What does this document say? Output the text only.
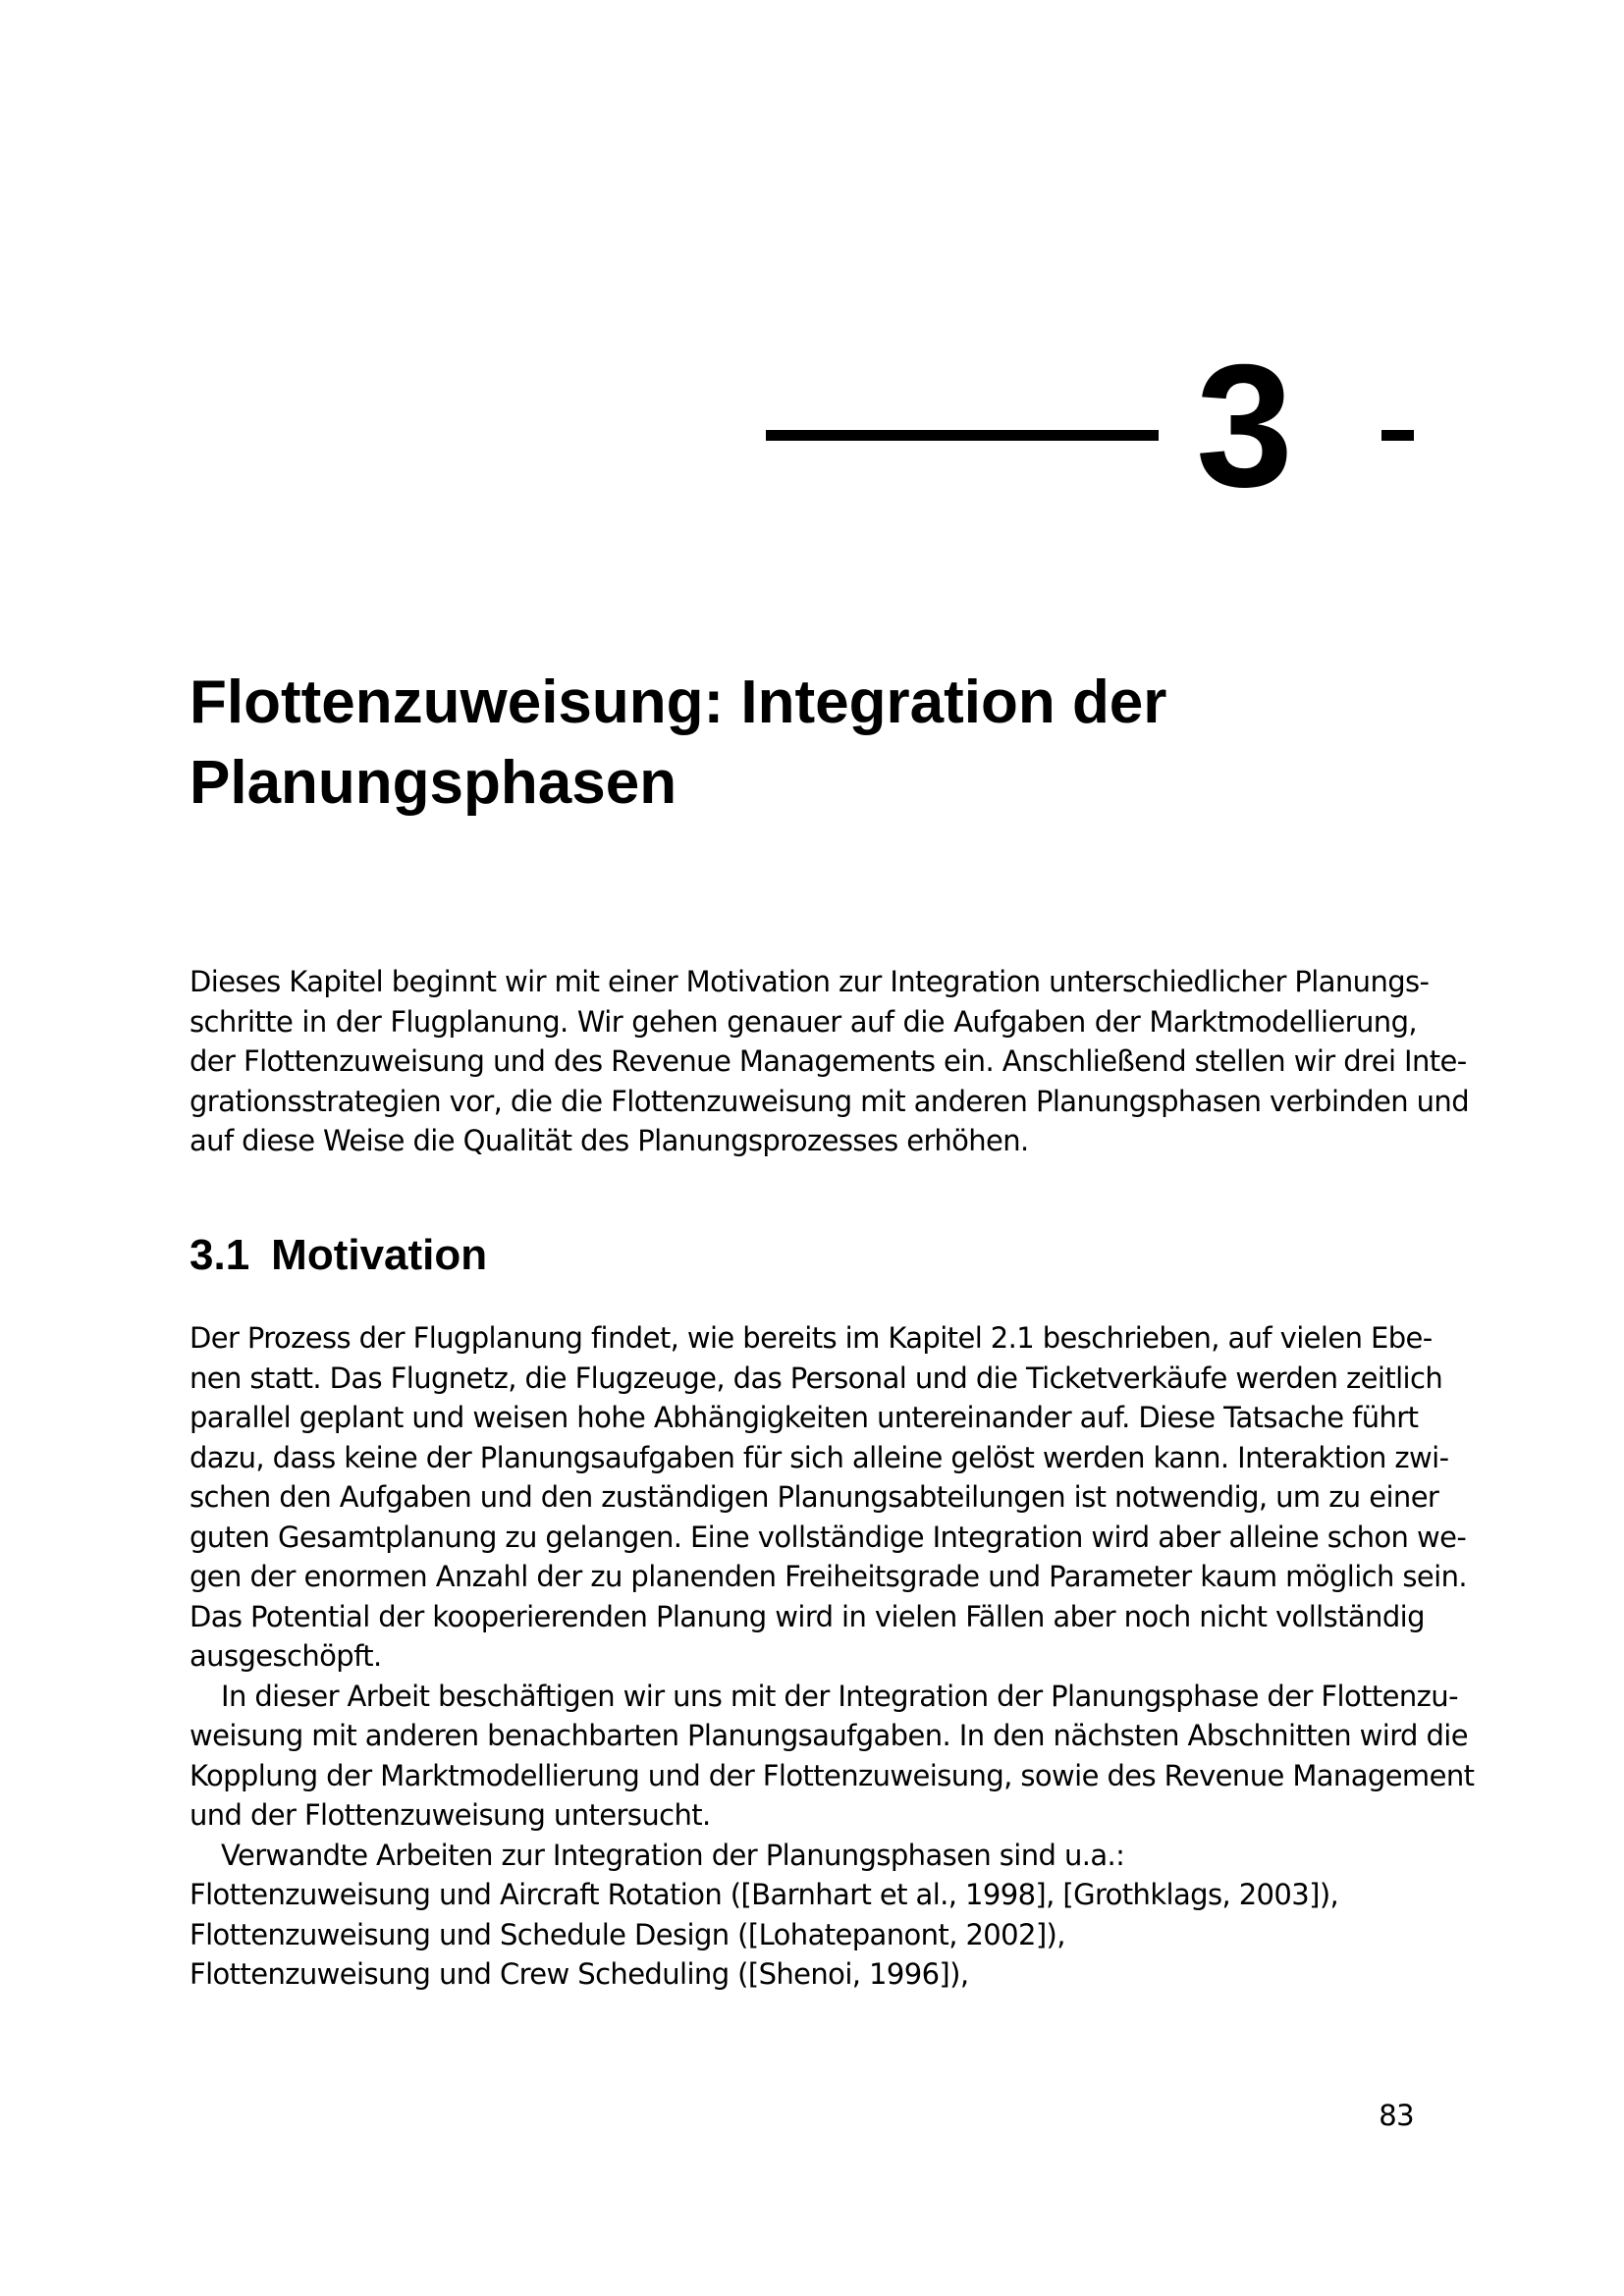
3
Flottenzuweisung: Integration der
Planungsphasen

Dieses Kapitel beginnt wir mit einer Motivation zur Integration unterschiedlicher Planungs-
schritte in der Flugplanung. Wir gehen genauer auf die Aufgaben der Marktmodellierung,
der Flottenzuweisung und des Revenue Managements ein. Anschließend stellen wir drei Inte-
grationsstrategien vor, die die Flottenzuweisung mit anderen Planungsphasen verbinden und
auf diese Weise die Qualität des Planungsprozesses erhöhen.

3.1 Motivation

Der Prozess der Flugplanung findet, wie bereits im Kapitel 2.1 beschrieben, auf vielen Ebe-
nen statt. Das Flugnetz, die Flugzeuge, das Personal und die Ticketverkäufe werden zeitlich
parallel geplant und weisen hohe Abhängigkeiten untereinander auf. Diese Tatsache führt
dazu, dass keine der Planungsaufgaben für sich alleine gelöst werden kann. Interaktion zwi-
schen den Aufgaben und den zuständigen Planungsabteilungen ist notwendig, um zu einer
guten Gesamtplanung zu gelangen. Eine vollständige Integration wird aber alleine schon we-
gen der enormen Anzahl der zu planenden Freiheitsgrade und Parameter kaum möglich sein.
Das Potential der kooperierenden Planung wird in vielen Fällen aber noch nicht vollständig
ausgeschöpft.

In dieser Arbeit beschäftigen wir uns mit der Integration der Planungsphase der Flottenzu-
weisung mit anderen benachbarten Planungsaufgaben. In den nächsten Abschnitten wird die
Kopplung der Marktmodellierung und der Flottenzuweisung, sowie des Revenue Management
und der Flottenzuweisung untersucht.

Verwandte Arbeiten zur Integration der Planungsphasen sind u.a.:
Flottenzuweisung und Aircraft Rotation ([Barnhart et al., 1998], [Grothklags, 2003]),
Flottenzuweisung und Schedule Design ([Lohatepanont, 2002]),
Flottenzuweisung und Crew Scheduling ([Shenoi, 1996]),
83
